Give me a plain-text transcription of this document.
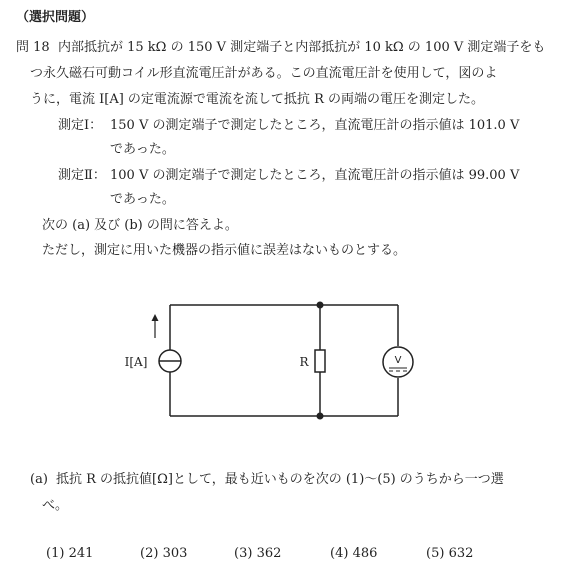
（選択問題）
問 18 内部抵抗が 15 kΩ の 150 V 測定端子と内部抵抗が 10 kΩ の 100 V 測定端子をも
つ永久磁石可動コイル形直流電圧計がある。この直流電圧計を使用して，図のよ
うに，電流 I[A] の定電流源で電流を流して抵抗 R の両端の電圧を測定した。
測定Ⅰ： 150 V の測定端子で測定したところ，直流電圧計の指示値は 101.0 V
であった。
測定Ⅱ： 100 V の測定端子で測定したところ，直流電圧計の指示値は 99.00 V
であった。
次の (a) 及び (b) の問に答えよ。
ただし，測定に用いた機器の指示値に誤差はないものとする。
I[A]	R	V
(a) 抵抗 R の抵抗値[Ω]として，最も近いものを次の (1)～(5) のうちから一つ選
べ。
(1) 241	(2) 303	(3) 362	(4) 486	(5) 632
